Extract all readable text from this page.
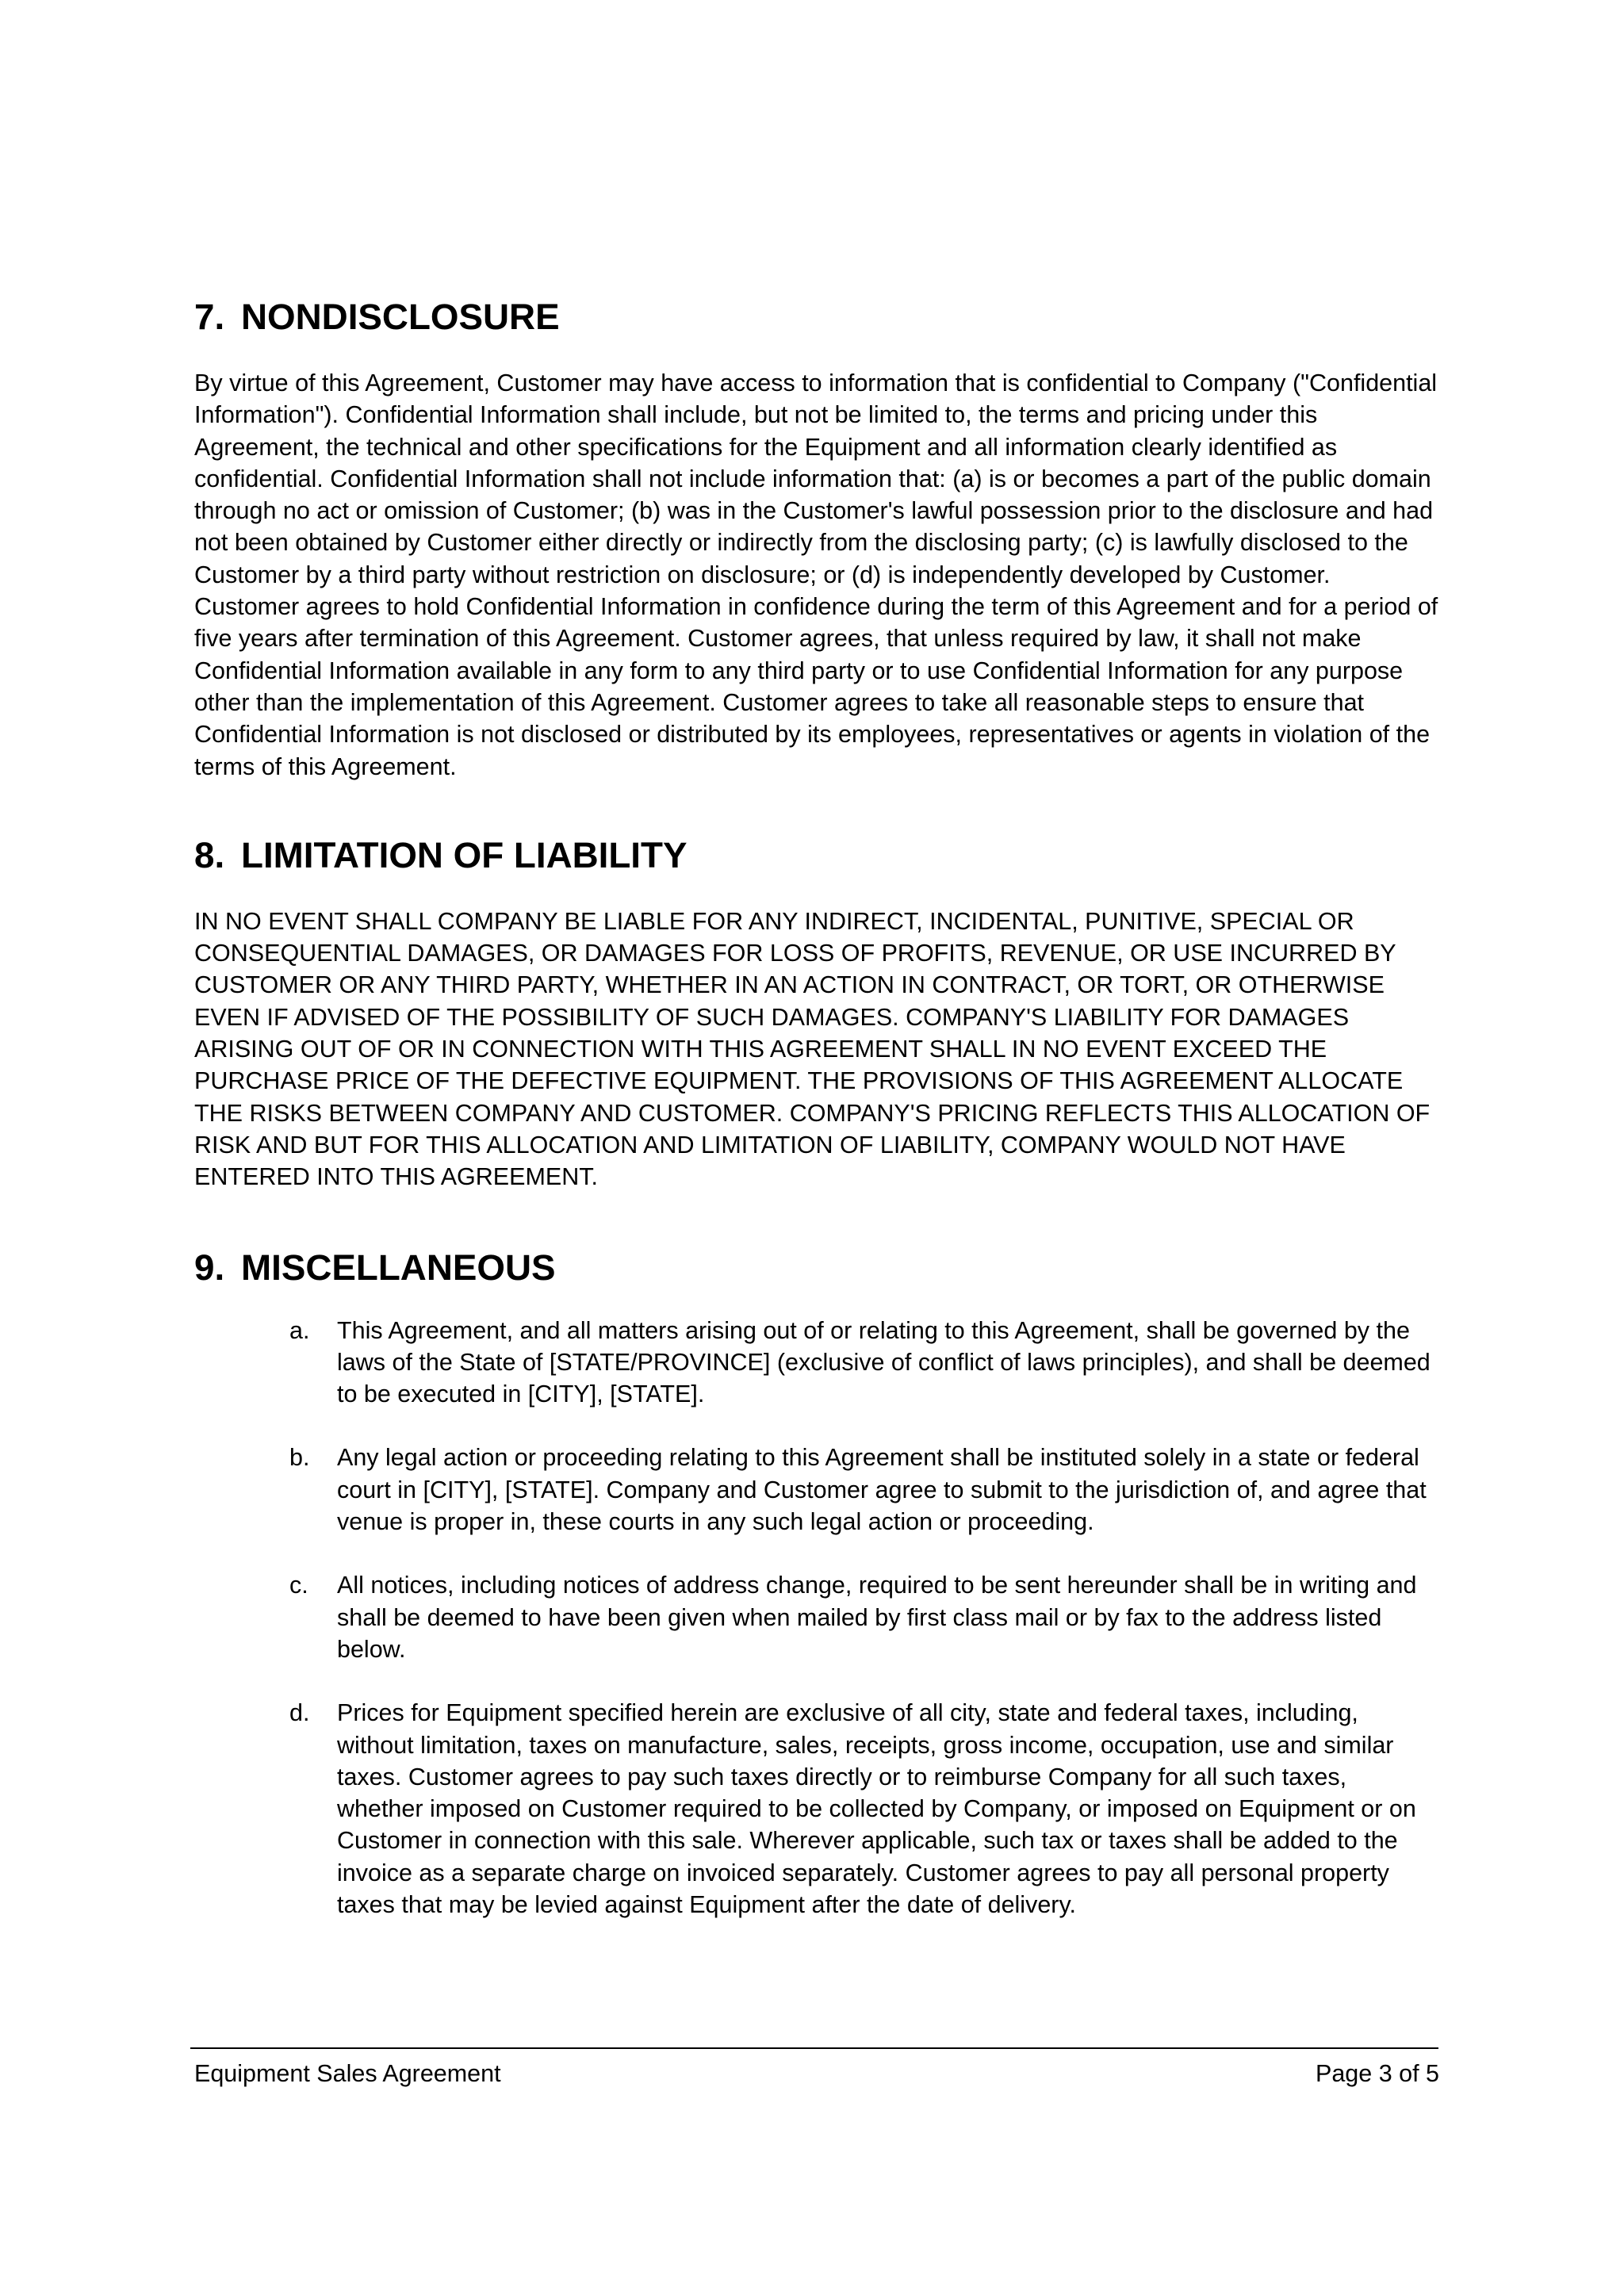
7. NONDISCLOSURE

By virtue of this Agreement, Customer may have access to information that is confidential to Company ("Confidential Information"). Confidential Information shall include, but not be limited to, the terms and pricing under this Agreement, the technical and other specifications for the Equipment and all information clearly identified as confidential. Confidential Information shall not include information that: (a) is or becomes a part of the public domain through no act or omission of Customer; (b) was in the Customer's lawful possession prior to the disclosure and had not been obtained by Customer either directly or indirectly from the disclosing party; (c) is lawfully disclosed to the Customer by a third party without restriction on disclosure; or (d) is independently developed by Customer. Customer agrees to hold Confidential Information in confidence during the term of this Agreement and for a period of five years after termination of this Agreement. Customer agrees, that unless required by law, it shall not make Confidential Information available in any form to any third party or to use Confidential Information for any purpose other than the implementation of this Agreement. Customer agrees to take all reasonable steps to ensure that Confidential Information is not disclosed or distributed by its employees, representatives or agents in violation of the terms of this Agreement.

8. LIMITATION OF LIABILITY

IN NO EVENT SHALL COMPANY BE LIABLE FOR ANY INDIRECT, INCIDENTAL, PUNITIVE, SPECIAL OR CONSEQUENTIAL DAMAGES, OR DAMAGES FOR LOSS OF PROFITS, REVENUE, OR USE INCURRED BY CUSTOMER OR ANY THIRD PARTY, WHETHER IN AN ACTION IN CONTRACT, OR TORT, OR OTHERWISE EVEN IF ADVISED OF THE POSSIBILITY OF SUCH DAMAGES. COMPANY'S LIABILITY FOR DAMAGES ARISING OUT OF OR IN CONNECTION WITH THIS AGREEMENT SHALL IN NO EVENT EXCEED THE PURCHASE PRICE OF THE DEFECTIVE EQUIPMENT. THE PROVISIONS OF THIS AGREEMENT ALLOCATE THE RISKS BETWEEN COMPANY AND CUSTOMER. COMPANY'S PRICING REFLECTS THIS ALLOCATION OF RISK AND BUT FOR THIS ALLOCATION AND LIMITATION OF LIABILITY, COMPANY WOULD NOT HAVE ENTERED INTO THIS AGREEMENT.

9. MISCELLANEOUS
a.	This Agreement, and all matters arising out of or relating to this Agreement, shall be governed by the laws of the State of [STATE/PROVINCE] (exclusive of conflict of laws principles), and shall be deemed to be executed in [CITY], [STATE].
b.	Any legal action or proceeding relating to this Agreement shall be instituted solely in a state or federal court in [CITY], [STATE]. Company and Customer agree to submit to the jurisdiction of, and agree that venue is proper in, these courts in any such legal action or proceeding.
c.	All notices, including notices of address change, required to be sent hereunder shall be in writing and shall be deemed to have been given when mailed by first class mail or by fax to the address listed below.
d.	Prices for Equipment specified herein are exclusive of all city, state and federal taxes, including, without limitation, taxes on manufacture, sales, receipts, gross income, occupation, use and similar taxes. Customer agrees to pay such taxes directly or to reimburse Company for all such taxes, whether imposed on Customer required to be collected by Company, or imposed on Equipment or on Customer in connection with this sale. Wherever applicable, such tax or taxes shall be added to the invoice as a separate charge on invoiced separately. Customer agrees to pay all personal property taxes that may be levied against Equipment after the date of delivery.
Equipment Sales Agreement	Page 3 of 5
